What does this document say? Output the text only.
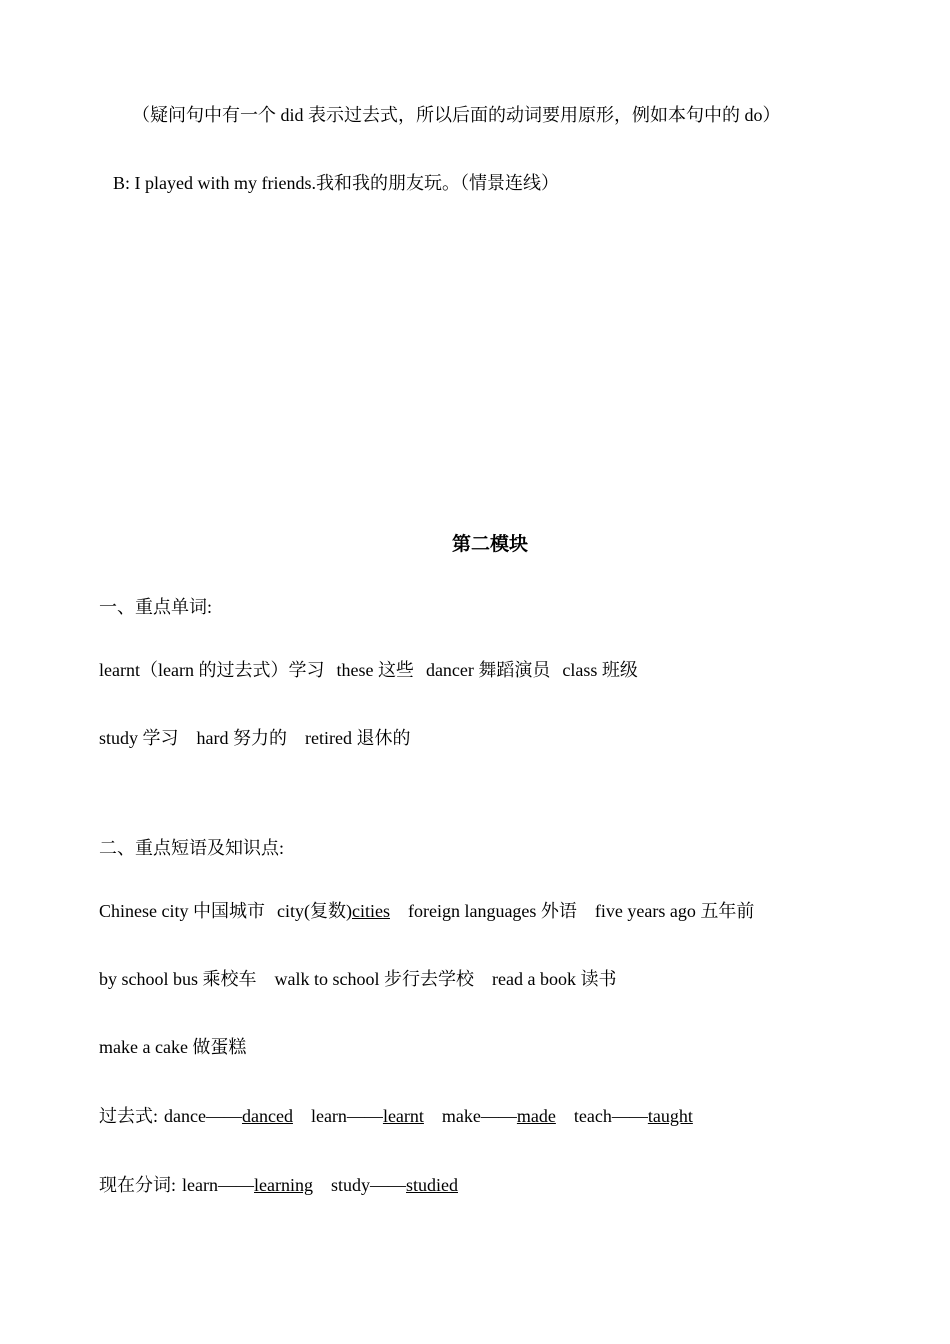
（疑问句中有一个 did 表示过去式，所以后面的动词要用原形，例如本句中的 do）
B: I played with my friends.我和我的朋友玩。（情景连线）
第二模块
一、重点单词:
learnt（learn 的过去式）学习 these 这些 dancer 舞蹈演员 class 班级
study 学习 hard 努力的 retired 退休的
二、重点短语及知识点:
Chinese city 中国城市 city(复数)cities foreign languages 外语 five years ago 五年前
by school bus 乘校车 walk to school 步行去学校 read a book 读书
make a cake 做蛋糕
过去式: dance——danced learn——learnt make——made teach——taught
现在分词: learn——learning study——studied
